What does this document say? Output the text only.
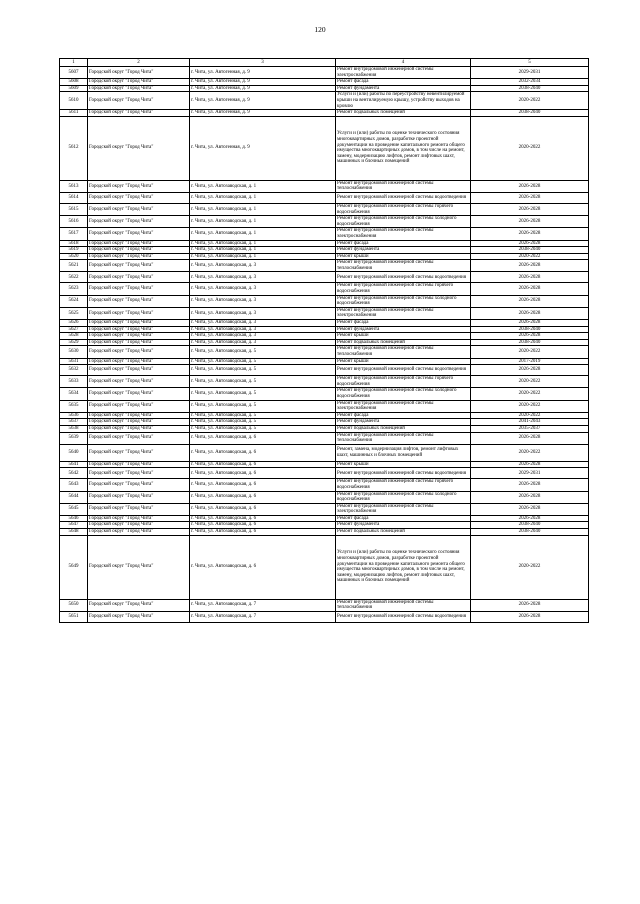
120
1	2	3	4	5
5607	Городской округ "Город Чита"	г. Чита, ул. Автогенная, д. 9	Ремонт внутридомовой инженерной системы электроснабжения	2029-2031
5608	Городской округ "Город Чита"	г. Чита, ул. Автогенная, д. 9	Ремонт фасада	2032-2034
5609	Городской округ "Город Чита"	г. Чита, ул. Автогенная, д. 9	Ремонт фундамента	2038-2040
5610	Городской округ "Город Чита"	г. Чита, ул. Автогенная, д. 9	Услуги и (или) работы по переустройству невентилируемой крыши на вентилируемую крышу, устройству выходов на кровлю	2020-2022
5611	Городской округ "Город Чита"	г. Чита, ул. Автогенная, д. 9	Ремонт подвальных помещений	2038-2040
5612	Городской округ "Город Чита"	г. Чита, ул. Автогенная, д. 9	Услуги и (или) работы по оценке технического состояния многоквартирных домов, разработке проектной документации на проведение капитального ремонта общего имущества многоквартирных домов, в том числе на ремонт, замену, модернизацию лифтов, ремонт лифтовых шахт, машинных и блочных помещений	2020-2022
5613	Городской округ "Город Чита"	г. Чита, ул. Автозаводская, д. 1	Ремонт внутридомовой инженерной системы теплоснабжения	2026-2028
5614	Городской округ "Город Чита"	г. Чита, ул. Автозаводская, д. 1	Ремонт внутридомовой инженерной системы водоотведения	2026-2028
5615	Городской округ "Город Чита"	г. Чита, ул. Автозаводская, д. 1	Ремонт внутридомовой инженерной системы горячего водоснабжения	2026-2028
5616	Городской округ "Город Чита"	г. Чита, ул. Автозаводская, д. 1	Ремонт внутридомовой инженерной системы холодного водоснабжения	2026-2028
5617	Городской округ "Город Чита"	г. Чита, ул. Автозаводская, д. 1	Ремонт внутридомовой инженерной системы электроснабжения	2026-2028
5618	Городской округ "Город Чита"	г. Чита, ул. Автозаводская, д. 1	Ремонт фасада	2026-2028
5619	Городской округ "Город Чита"	г. Чита, ул. Автозаводская, д. 1	Ремонт фундамента	2038-2040
5620	Городской округ "Город Чита"	г. Чита, ул. Автозаводская, д. 1	Ремонт крыши	2020-2022
5621	Городской округ "Город Чита"	г. Чита, ул. Автозаводская, д. 3	Ремонт внутридомовой инженерной системы теплоснабжения	2026-2028
5622	Городской округ "Город Чита"	г. Чита, ул. Автозаводская, д. 3	Ремонт внутридомовой инженерной системы водоотведения	2026-2028
5623	Городской округ "Город Чита"	г. Чита, ул. Автозаводская, д. 3	Ремонт внутридомовой инженерной системы горячего водоснабжения	2026-2028
5624	Городской округ "Город Чита"	г. Чита, ул. Автозаводская, д. 3	Ремонт внутридомовой инженерной системы холодного водоснабжения	2026-2028
5625	Городской округ "Город Чита"	г. Чита, ул. Автозаводская, д. 3	Ремонт внутридомовой инженерной системы электроснабжения	2026-2028
5626	Городской округ "Город Чита"	г. Чита, ул. Автозаводская, д. 3	Ремонт фасада	2026-2028
5627	Городской округ "Город Чита"	г. Чита, ул. Автозаводская, д. 3	Ремонт фундамента	2038-2040
5628	Городской округ "Город Чита"	г. Чита, ул. Автозаводская, д. 3	Ремонт крыши	2026-2028
5629	Городской округ "Город Чита"	г. Чита, ул. Автозаводская, д. 3	Ремонт подвальных помещений	2038-2040
5630	Городской округ "Город Чита"	г. Чита, ул. Автозаводская, д. 5	Ремонт внутридомовой инженерной системы теплоснабжения	2020-2022
5631	Городской округ "Город Чита"	г. Чита, ул. Автозаводская, д. 5	Ремонт крыши	2017-2019
5632	Городской округ "Город Чита"	г. Чита, ул. Автозаводская, д. 5	Ремонт внутридомовой инженерной системы водоотведения	2026-2028
5633	Городской округ "Город Чита"	г. Чита, ул. Автозаводская, д. 5	Ремонт внутридомовой инженерной системы горячего водоснабжения	2020-2022
5634	Городской округ "Город Чита"	г. Чита, ул. Автозаводская, д. 5	Ремонт внутридомовой инженерной системы холодного водоснабжения	2020-2022
5635	Городской округ "Город Чита"	г. Чита, ул. Автозаводская, д. 5	Ремонт внутридомовой инженерной системы электроснабжения	2020-2022
5636	Городской округ "Город Чита"	г. Чита, ул. Автозаводская, д. 5	Ремонт фасада	2020-2022
5637	Городской округ "Город Чита"	г. Чита, ул. Автозаводская, д. 5	Ремонт фундамента	2041-2043
5638	Городской округ "Город Чита"	г. Чита, ул. Автозаводская, д. 5	Ремонт подвальных помещений	2035-2037
5639	Городской округ "Город Чита"	г. Чита, ул. Автозаводская, д. 6	Ремонт внутридомовой инженерной системы теплоснабжения	2026-2028
5640	Городской округ "Город Чита"	г. Чита, ул. Автозаводская, д. 6	Ремонт, замена, модернизация лифтов, ремонт лифтовых шахт, машинных и блочных помещений	2020-2022
5641	Городской округ "Город Чита"	г. Чита, ул. Автозаводская, д. 6	Ремонт крыши	2026-2028
5642	Городской округ "Город Чита"	г. Чита, ул. Автозаводская, д. 6	Ремонт внутридомовой инженерной системы водоотведения	2029-2031
5643	Городской округ "Город Чита"	г. Чита, ул. Автозаводская, д. 6	Ремонт внутридомовой инженерной системы горячего водоснабжения	2026-2028
5644	Городской округ "Город Чита"	г. Чита, ул. Автозаводская, д. 6	Ремонт внутридомовой инженерной системы холодного водоснабжения	2026-2028
5645	Городской округ "Город Чита"	г. Чита, ул. Автозаводская, д. 6	Ремонт внутридомовой инженерной системы электроснабжения	2026-2028
5646	Городской округ "Город Чита"	г. Чита, ул. Автозаводская, д. 6	Ремонт фасада	2026-2028
5647	Городской округ "Город Чита"	г. Чита, ул. Автозаводская, д. 6	Ремонт фундамента	2038-2040
5648	Городской округ "Город Чита"	г. Чита, ул. Автозаводская, д. 6	Ремонт подвальных помещений	2038-2040
5649	Городской округ "Город Чита"	г. Чита, ул. Автозаводская, д. 6	Услуги и (или) работы по оценке технического состояния многоквартирных домов, разработке проектной документации на проведение капитального ремонта общего имущества многоквартирных домов, в том числе на ремонт, замену, модернизацию лифтов, ремонт лифтовых шахт, машинных и блочных помещений	2020-2022
5650	Городской округ "Город Чита"	г. Чита, ул. Автозаводская, д. 7	Ремонт внутридомовой инженерной системы теплоснабжения	2026-2028
5651	Городской округ "Город Чита"	г. Чита, ул. Автозаводская, д. 7	Ремонт внутридомовой инженерной системы водоотведения	2026-2028
